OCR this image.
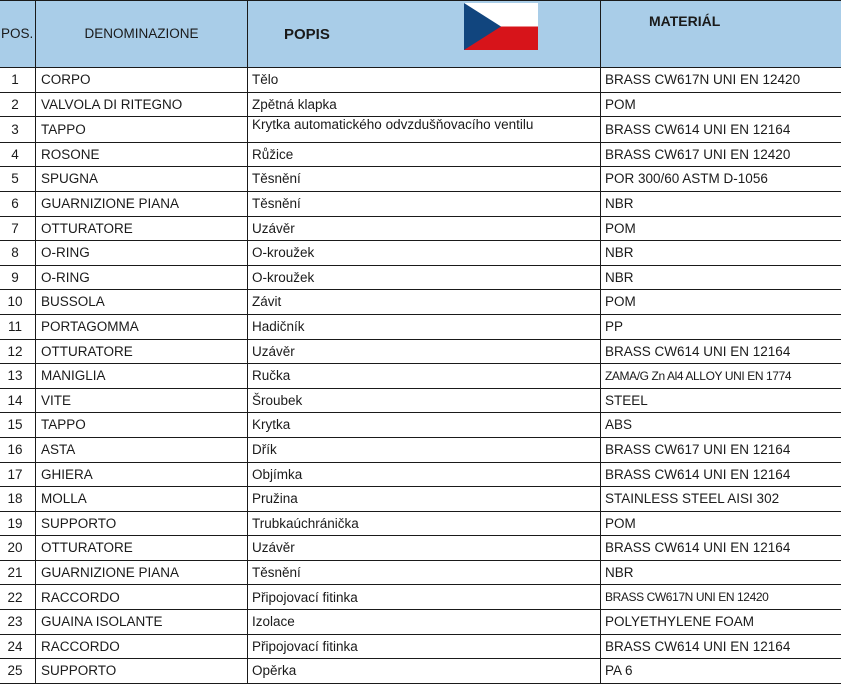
POS.	DENOMINAZIONE	POPIS	MATERIÁL
1	CORPO	Tělo	BRASS CW617N UNI EN 12420
2	VALVOLA DI RITEGNO	Zpětná klapka	POM
3	TAPPO	Krytka automatického odvzdušňovacího ventilu	BRASS CW614 UNI EN 12164
4	ROSONE	Růžice	BRASS CW617 UNI EN 12420
5	SPUGNA	Těsnění	POR 300/60 ASTM D-1056
6	GUARNIZIONE PIANA	Těsnění	NBR
7	OTTURATORE	Uzávěr	POM
8	O-RING	O-kroužek	NBR
9	O-RING	O-kroužek	NBR
10	BUSSOLA	Závit	POM
11	PORTAGOMMA	Hadičník	PP
12	OTTURATORE	Uzávěr	BRASS CW614 UNI EN 12164
13	MANIGLIA	Ručka	ZAMA/G Zn Al4 ALLOY UNI EN 1774
14	VITE	Šroubek	STEEL
15	TAPPO	Krytka	ABS
16	ASTA	Dřík	BRASS CW617 UNI EN 12164
17	GHIERA	Objímka	BRASS CW614 UNI EN 12164
18	MOLLA	Pružina	STAINLESS STEEL AISI 302
19	SUPPORTO	Trubkaúchránička	POM
20	OTTURATORE	Uzávěr	BRASS CW614 UNI EN 12164
21	GUARNIZIONE PIANA	Těsnění	NBR
22	RACCORDO	Připojovací fitinka	BRASS CW617N UNI EN 12420
23	GUAINA ISOLANTE	Izolace	POLYETHYLENE FOAM
24	RACCORDO	Připojovací fitinka	BRASS CW614 UNI EN 12164
25	SUPPORTO	Opěrka	PA 6
